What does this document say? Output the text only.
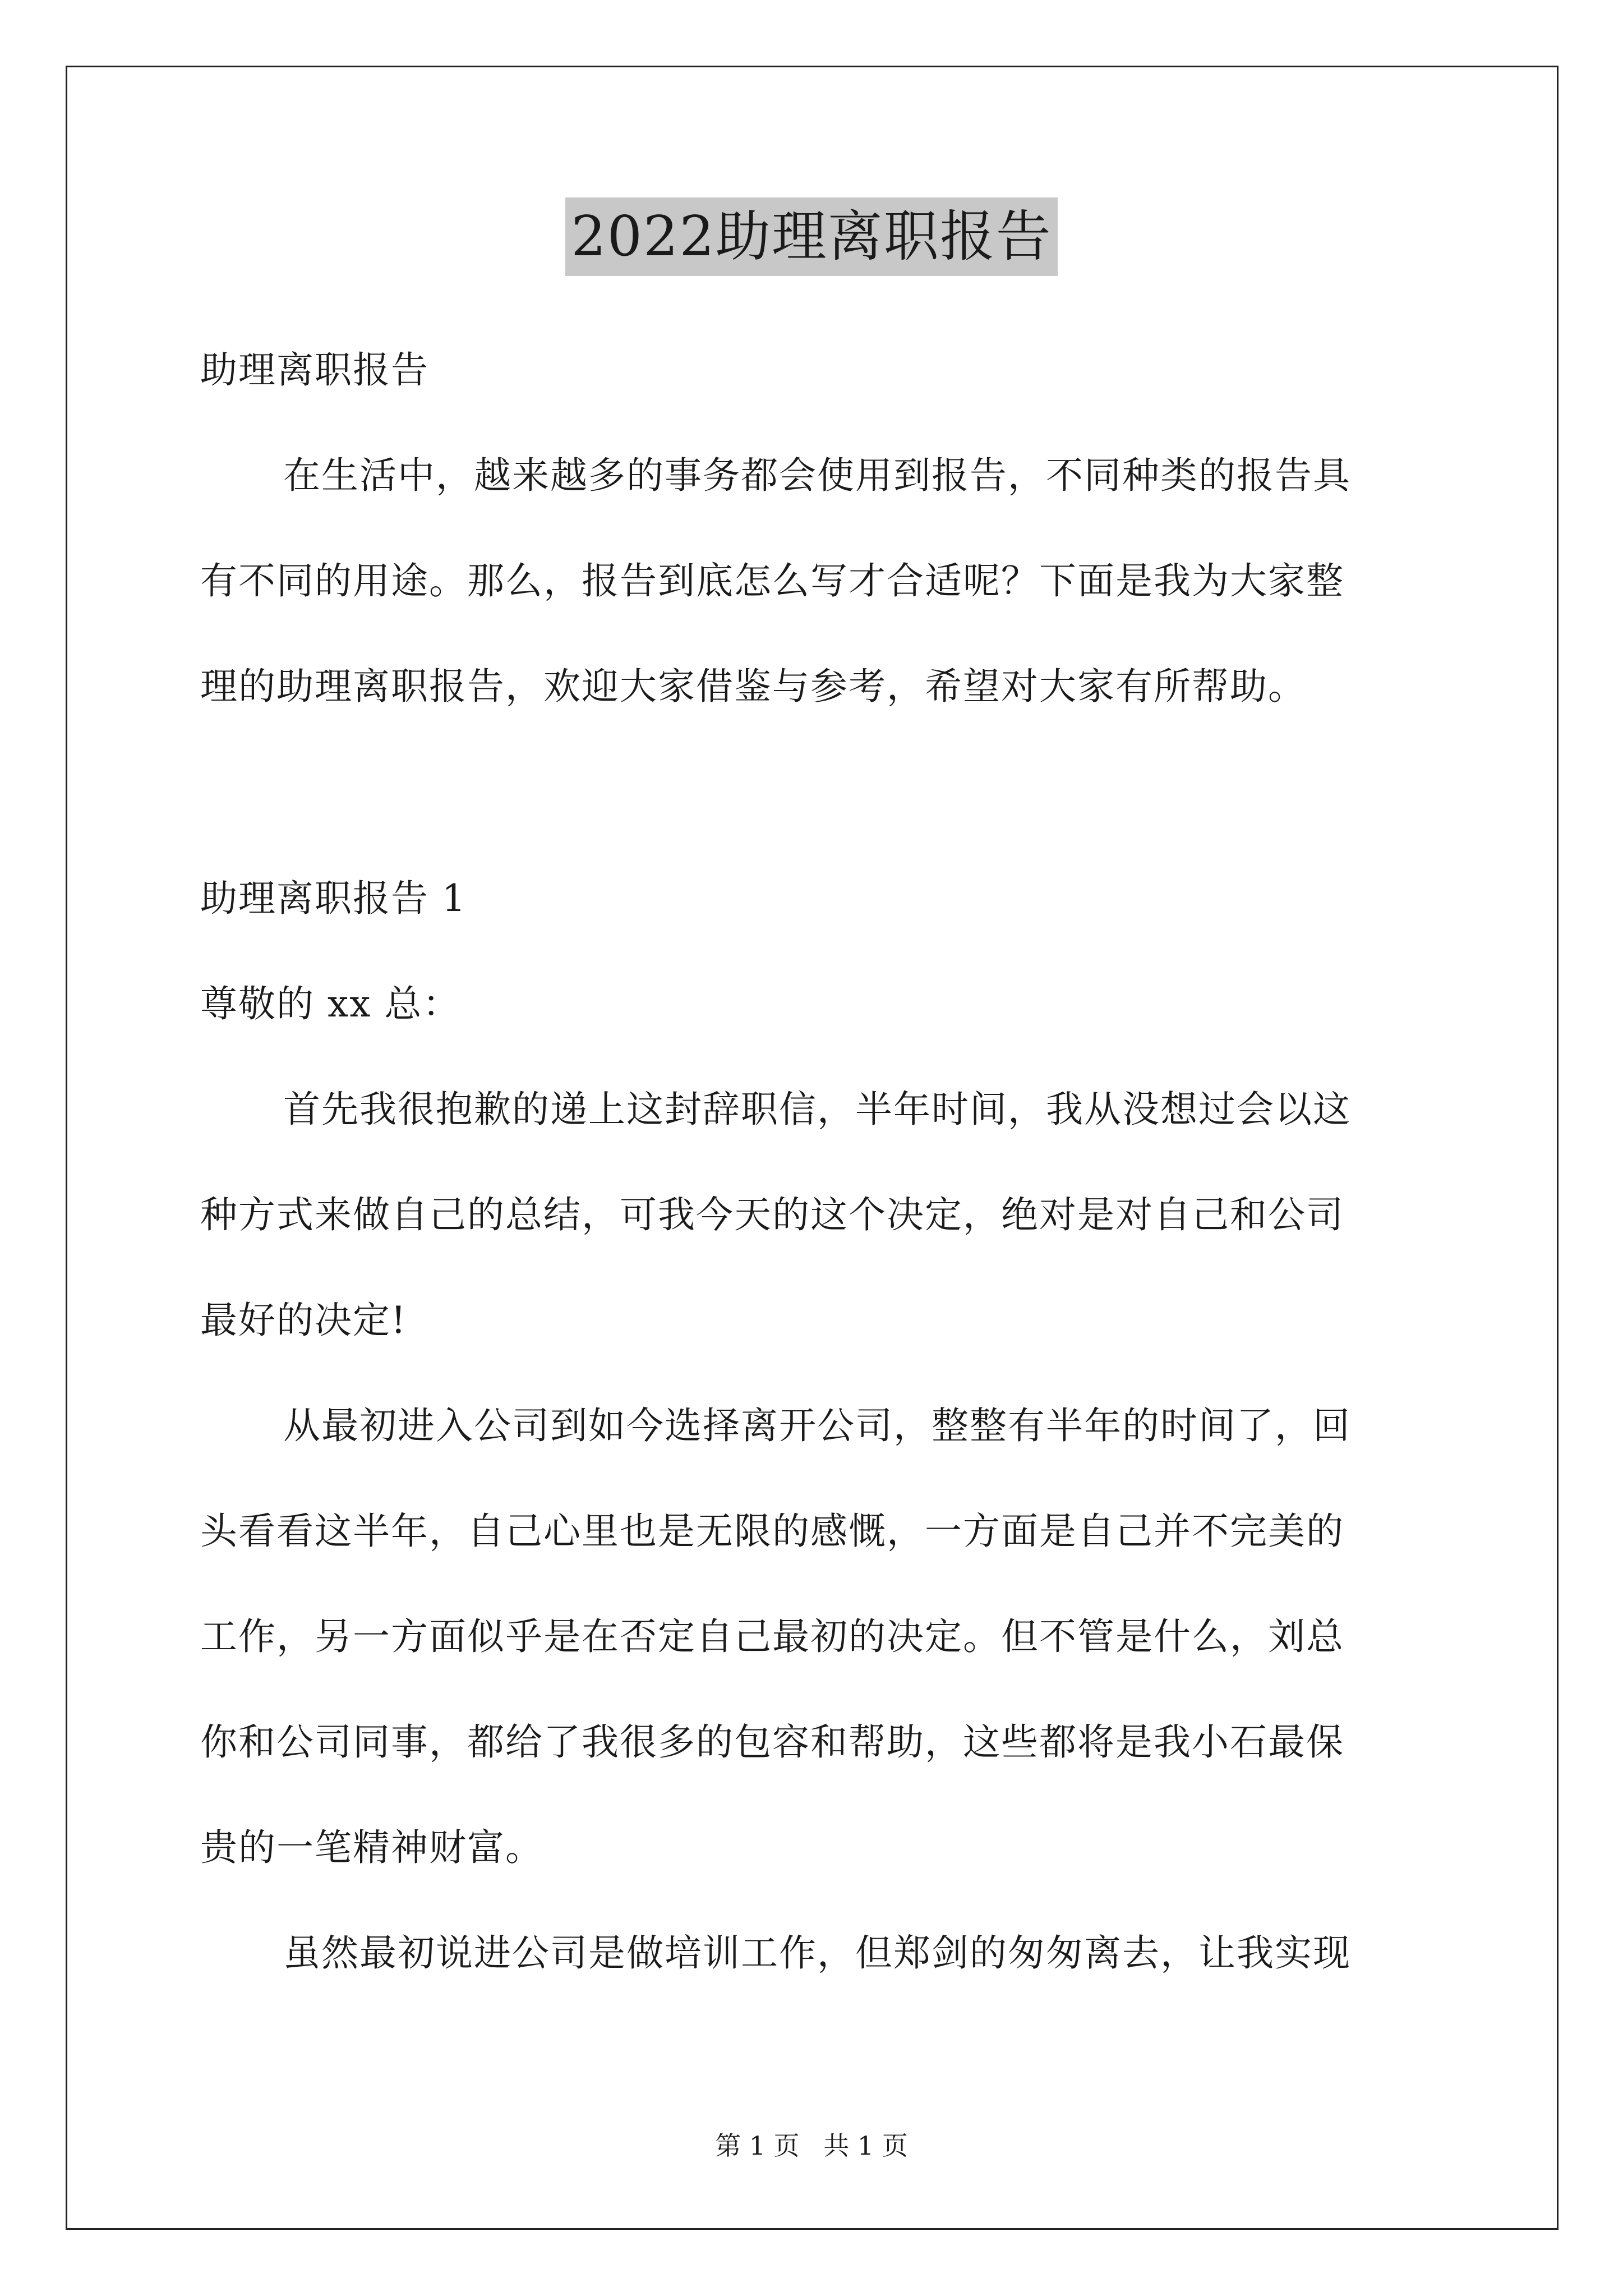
2022助理离职报告

助理离职报告

在生活中，越来越多的事务都会使用到报告，不同种类的报告具

有不同的用途。那么，报告到底怎么写才合适呢？下面是我为大家整

理的助理离职报告，欢迎大家借鉴与参考，希望对大家有所帮助。

助理离职报告 1

尊敬的 xx 总：

首先我很抱歉的递上这封辞职信，半年时间，我从没想过会以这

种方式来做自己的总结，可我今天的这个决定，绝对是对自己和公司

最好的决定!

从最初进入公司到如今选择离开公司，整整有半年的时间了，回

头看看这半年，自己心里也是无限的感慨，一方面是自己并不完美的

工作，另一方面似乎是在否定自己最初的决定。但不管是什么，刘总

你和公司同事，都给了我很多的包容和帮助，这些都将是我小石最保

贵的一笔精神财富。

虽然最初说进公司是做培训工作，但郑剑的匆匆离去，让我实现

第 1 页 共 1 页
